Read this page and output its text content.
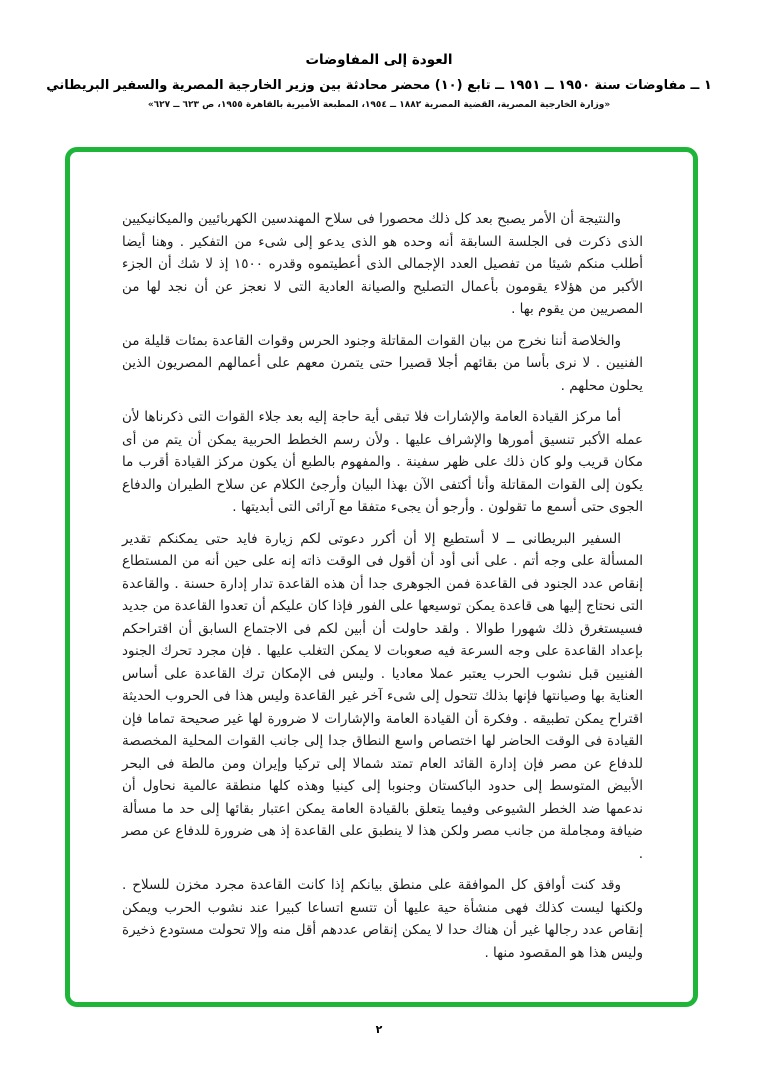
العودة إلى المفاوضات
١ ــ مفاوضات سنة ١٩٥٠ ــ ١٩٥١ ــ تابع (١٠) محضر محادثة بين وزير الخارجية المصرية والسفير البريطاني
«وزارة الخارجية المصرية، القضية المصرية ١٨٨٢ ــ ١٩٥٤، المطبعة الأميرية بالقاهرة ١٩٥٥، ص ٦٢٣ ــ ٦٢٧»

والنتيجة أن الأمر يصبح بعد كل ذلك محصورا فى سلاح المهندسين الكهربائيين والميكانيكيين الذى ذكرت فى الجلسة السابقة أنه وحده هو الذى يدعو إلى شىء من التفكير . وهنا أيضا أطلب منكم شيئا من تفصيل العدد الإجمالى الذى أعطيتموه وقدره ١٥٠٠ إذ لا شك أن الجزء الأكبر من هؤلاء يقومون بأعمال التصليح والصيانة العادية التى لا نعجز عن أن نجد لها من المصريين من يقوم بها .

والخلاصة أننا نخرج من بيان القوات المقاتلة وجنود الحرس وقوات القاعدة بمئات قليلة من الفنيين . لا نرى بأسا من بقائهم أجلا قصيرا حتى يتمرن معهم على أعمالهم المصريون الذين يحلون محلهم .

أما مركز القيادة العامة والإشارات فلا تبقى أية حاجة إليه بعد جلاء القوات التى ذكرناها لأن عمله الأكبر تنسيق أمورها والإشراف عليها . ولأن رسم الخطط الحربية يمكن أن يتم من أى مكان قريب ولو كان ذلك على ظهر سفينة . والمفهوم بالطبع أن يكون مركز القيادة أقرب ما يكون إلى القوات المقاتلة وأنا أكتفى الآن بهذا البيان وأرجئ الكلام عن سلاح الطيران والدفاع الجوى حتى أسمع ما تقولون . وأرجو أن يجىء متفقا مع آرائى التى أبديتها .

السفير البريطانى ــ لا أستطيع إلا أن أكرر دعوتى لكم زيارة فايد حتى يمكنكم تقدير المسألة على وجه أتم . على أنى أود أن أقول فى الوقت ذاته إنه على حين أنه من المستطاع إنقاص عدد الجنود فى القاعدة فمن الجوهرى جدا أن هذه القاعدة تدار إدارة حسنة . والقاعدة التى نحتاج إليها هى قاعدة يمكن توسيعها على الفور فإذا كان عليكم أن تعدوا القاعدة من جديد فسيستغرق ذلك شهورا طوالا . ولقد حاولت أن أبين لكم فى الاجتماع السابق أن اقتراحكم بإعداد القاعدة على وجه السرعة فيه صعوبات لا يمكن التغلب عليها . فإن مجرد تحرك الجنود الفنيين قبل نشوب الحرب يعتبر عملا معاديا . وليس فى الإمكان ترك القاعدة على أساس العناية بها وصيانتها فإنها بذلك تتحول إلى شىء آخر غير القاعدة وليس هذا فى الحروب الحديثة اقتراح يمكن تطبيقه . وفكرة أن القيادة العامة والإشارات لا ضرورة لها غير صحيحة تماما فإن القيادة فى الوقت الحاضر لها اختصاص واسع النطاق جدا إلى جانب القوات المحلية المخصصة للدفاع عن مصر فإن إدارة القائد العام تمتد شمالا إلى تركيا وإيران ومن مالطة فى البحر الأبيض المتوسط إلى حدود الباكستان وجنوبا إلى كينيا وهذه كلها منطقة عالمية نحاول أن ندعمها ضد الخطر الشيوعى وفيما يتعلق بالقيادة العامة يمكن اعتبار بقائها إلى حد ما مسألة ضيافة ومجاملة من جانب مصر ولكن هذا لا ينطبق على القاعدة إذ هى ضرورة للدفاع عن مصر .

وقد كنت أوافق كل الموافقة على منطق بيانكم إذا كانت القاعدة مجرد مخزن للسلاح . ولكنها ليست كذلك فهى منشأة حية عليها أن تتسع اتساعا كبيرا عند نشوب الحرب ويمكن إنقاص عدد رجالها غير أن هناك حدا لا يمكن إنقاص عددهم أقل منه وإلا تحولت مستودع ذخيرة وليس هذا هو المقصود منها .

٢
